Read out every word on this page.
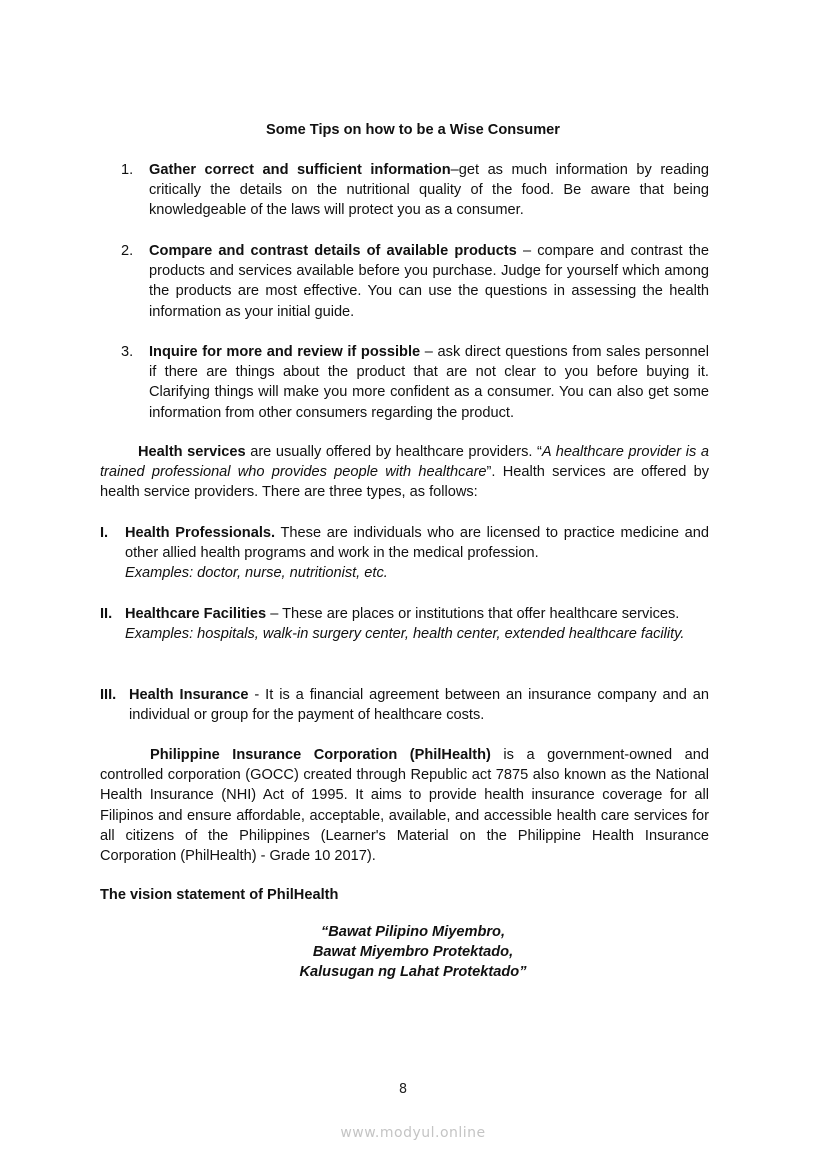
Some Tips on how to be a Wise Consumer
1. Gather correct and sufficient information–get as much information by reading critically the details on the nutritional quality of the food. Be aware that being knowledgeable of the laws will protect you as a consumer.
2. Compare and contrast details of available products – compare and contrast the products and services available before you purchase. Judge for yourself which among the products are most effective. You can use the questions in assessing the health information as your initial guide.
3. Inquire for more and review if possible – ask direct questions from sales personnel if there are things about the product that are not clear to you before buying it. Clarifying things will make you more confident as a consumer. You can also get some information from other consumers regarding the product.
Health services are usually offered by healthcare providers. “A healthcare provider is a trained professional who provides people with healthcare”. Health services are offered by health service providers. There are three types, as follows:
I. Health Professionals. These are individuals who are licensed to practice medicine and other allied health programs and work in the medical profession.
Examples: doctor, nurse, nutritionist, etc.
II. Healthcare Facilities – These are places or institutions that offer healthcare services.
Examples: hospitals, walk-in surgery center, health center, extended healthcare facility.
III. Health Insurance - It is a financial agreement between an insurance company and an individual or group for the payment of healthcare costs.
Philippine Insurance Corporation (PhilHealth) is a government-owned and controlled corporation (GOCC) created through Republic act 7875 also known as the National Health Insurance (NHI) Act of 1995. It aims to provide health insurance coverage for all Filipinos and ensure affordable, acceptable, available, and accessible health care services for all citizens of the Philippines (Learner's Material on the Philippine Health Insurance Corporation (PhilHealth) - Grade 10 2017).
The vision statement of PhilHealth
“Bawat Pilipino Miyembro,
Bawat Miyembro Protektado,
Kalusugan ng Lahat Protektado”
8
www.modyul.online
